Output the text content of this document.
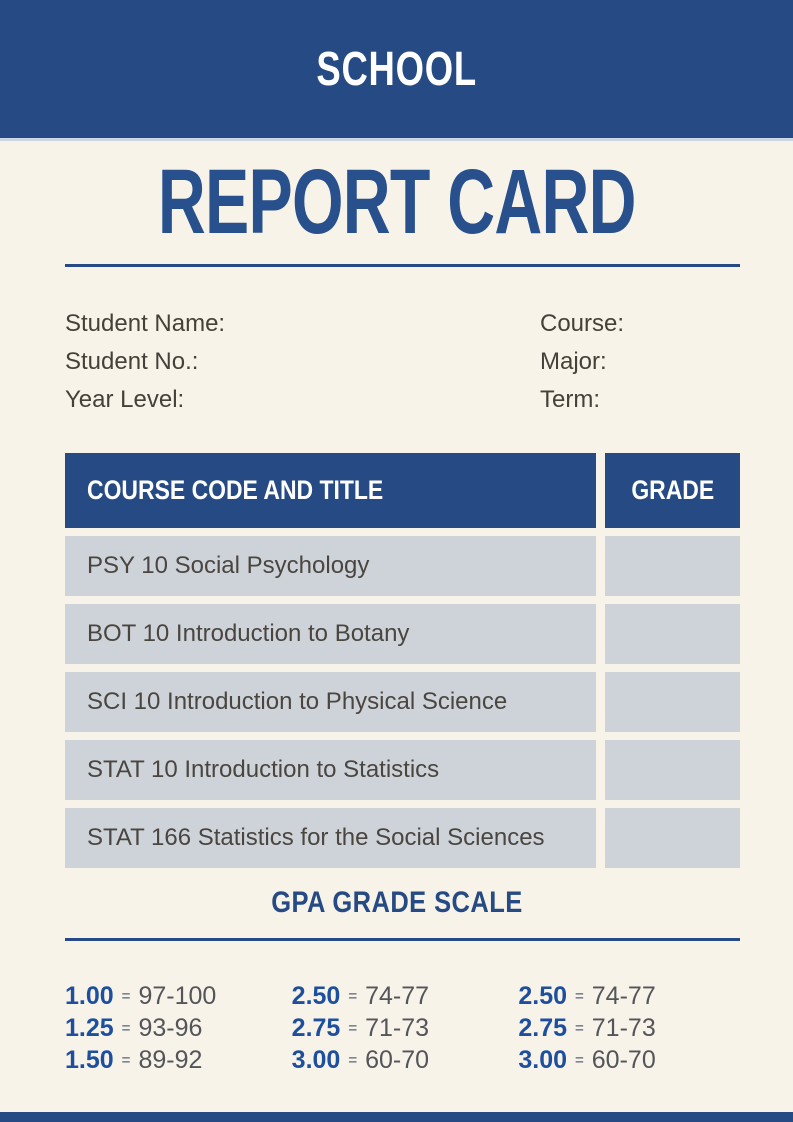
SCHOOL
REPORT CARD
Student Name:
Student No.:
Year Level:
Course:
Major:
Term:
COURSE CODE AND TITLE	GRADE
PSY 10 Social Psychology
BOT 10 Introduction to Botany
SCI 10 Introduction to Physical Science
STAT 10 Introduction to Statistics
STAT 166 Statistics for the Social Sciences
GPA GRADE SCALE
1.00 = 97-100
1.25 = 93-96
1.50 = 89-92
2.50 = 74-77
2.75 = 71-73
3.00 = 60-70
2.50 = 74-77
2.75 = 71-73
3.00 = 60-70
